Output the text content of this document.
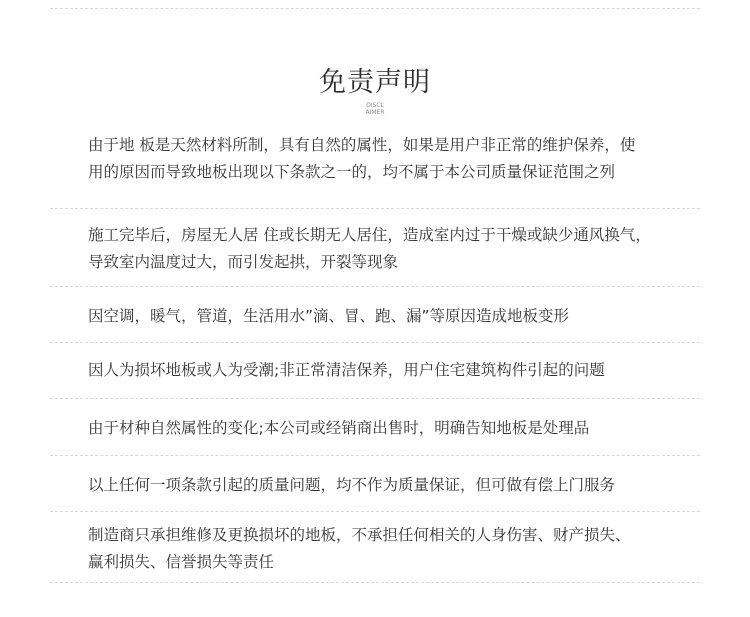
免责声明
DISCL
AIMER
由于地 板是天然材料所制，具有自然的属性，如果是用户非正常的维护保养，使
用的原因而导致地板出现以下条款之一的，均不属于本公司质量保证范围之列
施工完毕后，房屋无人居 住或长期无人居住，造成室内过于干燥或缺少通风换气，
导致室内温度过大，而引发起拱，开裂等现象
因空调，暖气，管道，生活用水”滴、冒、跑、漏”等原因造成地板变形
因人为损坏地板或人为受潮;非正常清洁保养，用户住宅建筑构件引起的问题
由于材种自然属性的变化;本公司或经销商出售时，明确告知地板是处理品
以上任何一项条款引起的质量问题，均不作为质量保证，但可做有偿上门服务
制造商只承担维修及更换损坏的地板，不承担任何相关的人身伤害、财产损失、
赢利损失、信誉损失等责任
